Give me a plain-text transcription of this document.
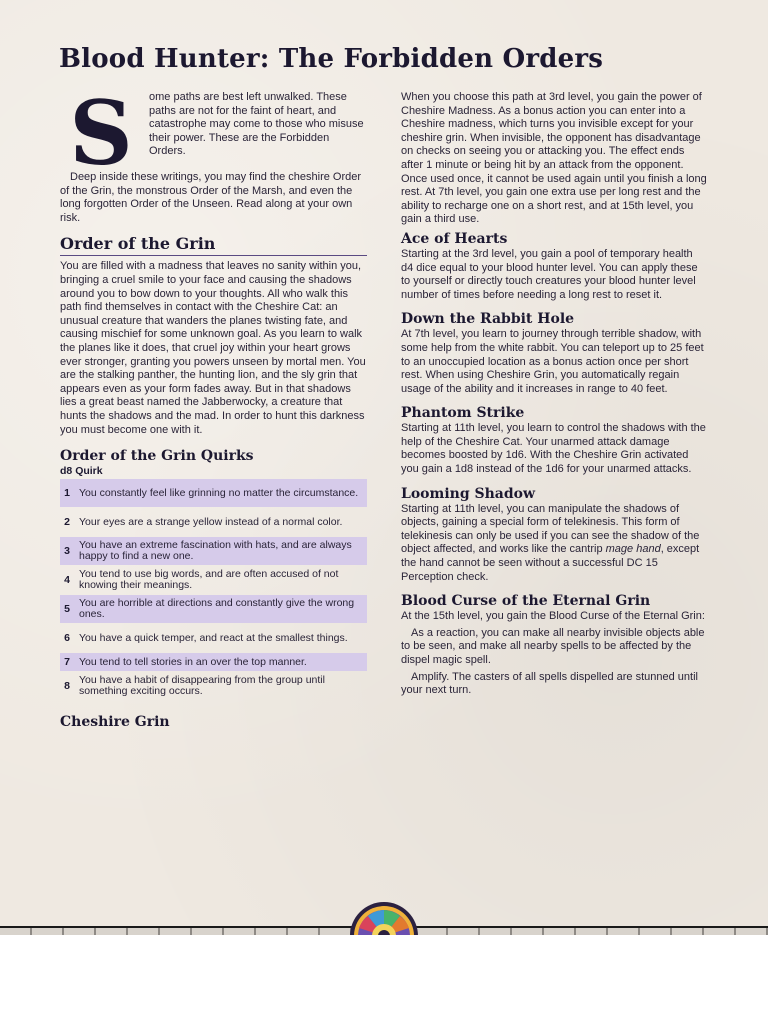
Blood Hunter: The Forbidden Orders
S	ome paths are best left unwalked. These paths are not for the faint of heart, and catastrophe may come to those who misuse their power. These are the Forbidden Orders.

Deep inside these writings, you may find the cheshire Order of the Grin, the monstrous Order of the Marsh, and even the long forgotten Order of the Unseen. Read along at your own risk.

Order of the Grin

You are filled with a madness that leaves no sanity within you, bringing a cruel smile to your face and causing the shadows around you to bow down to your thoughts. All who walk this path find themselves in contact with the Cheshire Cat: an unusual creature that wanders the planes twisting fate, and causing mischief for some unknown goal. As you learn to walk the planes like it does, that cruel joy within your heart grows ever stronger, granting you powers unseen by mortal men. You are the stalking panther, the hunting lion, and the sly grin that appears even as your form fades away. But in that shadows lies a great beast named the Jabberwocky, a creature that hunts the shadows and the mad. In order to hunt this darkness you must become one with it.

Order of the Grin Quirks
d8 Quirk
1	You constantly feel like grinning no matter the circumstance.
2	Your eyes are a strange yellow instead of a normal color.
3	You have an extreme fascination with hats, and are always happy to find a new one.
4	You tend to use big words, and are often accused of not knowing their meanings.
5	You are horrible at directions and constantly give the wrong ones.
6	You have a quick temper, and react at the smallest things.
7	You tend to tell stories in an over the top manner.
8	You have a habit of disappearing from the group until something exciting occurs.
Cheshire Grin

When you choose this path at 3rd level, you gain the power of Cheshire Madness. As a bonus action you can enter into a Cheshire madness, which turns you invisible except for your cheshire grin. When invisible, the opponent has disadvantage on checks on seeing you or attacking you. The effect ends after 1 minute or being hit by an attack from the opponent. Once used once, it cannot be used again until you finish a long rest. At 7th level, you gain one extra use per long rest and the ability to recharge one on a short rest, and at 15th level, you gain a third use.

Ace of Hearts

Starting at the 3rd level, you gain a pool of temporary health d4 dice equal to your blood hunter level. You can apply these to yourself or directly touch creatures your blood hunter level number of times before needing a long rest to reset it.

Down the Rabbit Hole

At 7th level, you learn to journey through terrible shadow, with some help from the white rabbit. You can teleport up to 25 feet to an unoccupied location as a bonus action once per short rest. When using Cheshire Grin, you automatically regain usage of the ability and it increases in range to 40 feet.

Phantom Strike

Starting at 11th level, you learn to control the shadows with the help of the Cheshire Cat. Your unarmed attack damage becomes boosted by 1d6. With the Cheshire Grin activated you gain a 1d8 instead of the 1d6 for your unarmed attacks.

Looming Shadow

Starting at 11th level, you can manipulate the shadows of objects, gaining a special form of telekinesis. This form of telekinesis can only be used if you can see the shadow of the object affected, and works like the cantrip mage hand, except the hand cannot be seen without a successful DC 15 Perception check.

Blood Curse of the Eternal Grin

At the 15th level, you gain the Blood Curse of the Eternal Grin:

As a reaction, you can make all nearby invisible objects able to be seen, and make all nearby spells to be affected by the dispel magic spell.

Amplify. The casters of all spells dispelled are stunned until your next turn.
